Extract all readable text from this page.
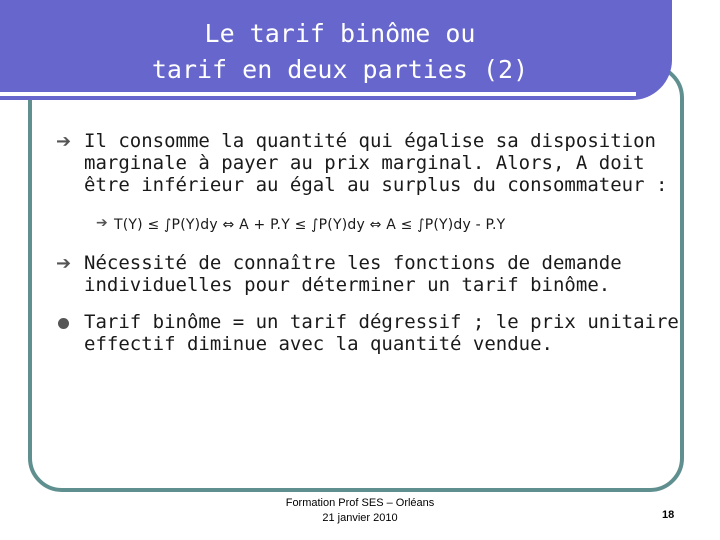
Le tarif binôme ou
tarif en deux parties (2)
➔ Il consomme la quantité qui égalise sa disposition
marginale à payer au prix marginal. Alors, A doit
être inférieur au égal au surplus du consommateur :
➔ T(Y) ≤ ∫P(Y)dy ⇔ A + P.Y ≤ ∫P(Y)dy ⇔ A ≤ ∫P(Y)dy - P.Y
➔ Nécessité de connaître les fonctions de demande
individuelles pour déterminer un tarif binôme.
Tarif binôme = un tarif dégressif ; le prix unitaire
effectif diminue avec la quantité vendue.
Formation Prof SES – Orléans
21 janvier 2010	18
